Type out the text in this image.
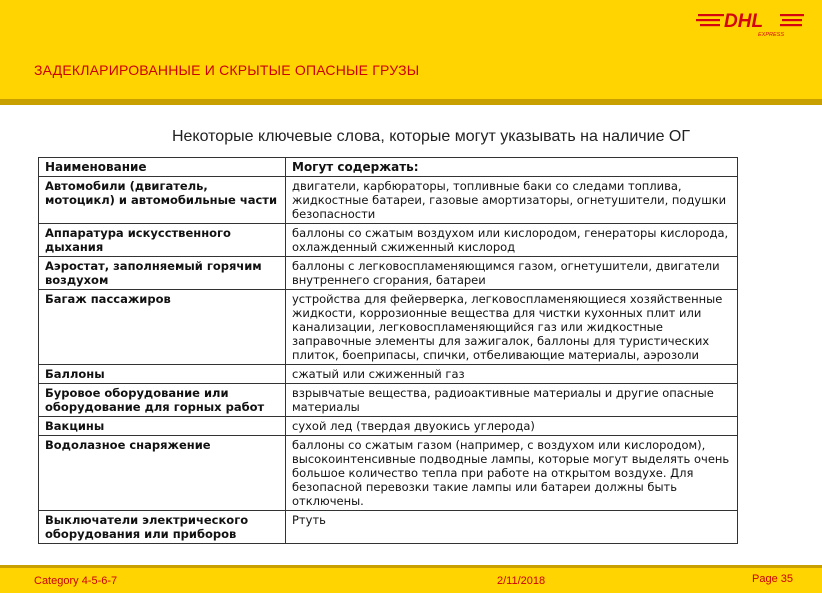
DHL
EXPRESS
ЗАДЕКЛАРИРОВАННЫЕ И СКРЫТЫЕ ОПАСНЫЕ ГРУЗЫ
Некоторые ключевые слова, которые могут указывать на наличие ОГ
Наименование	Могут содержать:
Автомобили (двигатель, мотоцикл) и автомобильные части	двигатели, карбюраторы, топливные баки со следами топлива, жидкостные батареи, газовые амортизаторы, огнетушители, подушки безопасности
Аппаратура искусственного дыхания	баллоны со сжатым воздухом или кислородом, генераторы кислорода, охлажденный сжиженный кислород
Аэростат, заполняемый горячим воздухом	баллоны с легковоспламеняющимся газом, огнетушители, двигатели внутреннего сгорания, батареи
Багаж пассажиров	устройства для фейерверка, легковоспламеняющиеся хозяйственные жидкости, коррозионные вещества для чистки кухонных плит или канализации, легковоспламеняющийся газ или жидкостные заправочные элементы для зажигалок, баллоны для туристических плиток, боеприпасы, спички, отбеливающие материалы, аэрозоли
Баллоны	сжатый или сжиженный газ
Буровое оборудование или оборудование для горных работ	взрывчатые вещества, радиоактивные материалы и другие опасные материалы
Вакцины	сухой лед (твердая двуокись углерода)
Водолазное снаряжение	баллоны со сжатым газом (например, с воздухом или кислородом), высокоинтенсивные подводные лампы, которые могут выделять очень большое количество тепла при работе на открытом воздухе. Для безопасной перевозки такие лампы или батареи должны быть отключены.
Выключатели электрического оборудования или приборов	Ртуть
Category 4-5-6-7	2/11/2018	Page 35
